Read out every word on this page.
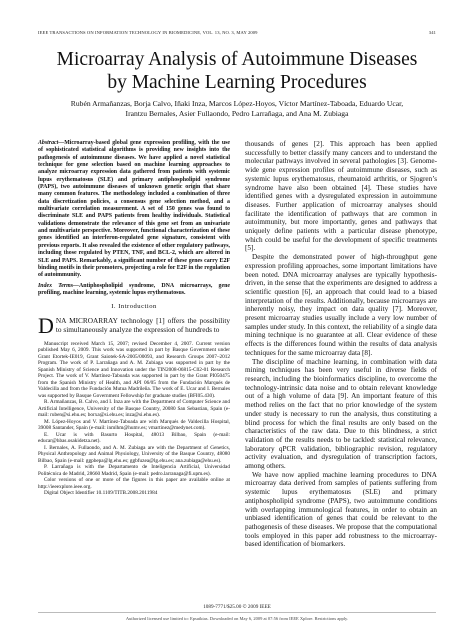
IEEE TRANSACTIONS ON INFORMATION TECHNOLOGY IN BIOMEDICINE, VOL. 13, NO. 3, MAY 2009	341
Microarray Analysis of Autoimmune Diseases
by Machine Learning Procedures
Rubén Armañanzas, Borja Calvo, Iñaki Inza, Marcos López-Hoyos, Víctor Martínez-Taboada, Eduardo Ucar,
Irantzu Bernales, Asier Fullaondo, Pedro Larrañaga, and Ana M. Zubiaga
Abstract—Microarray-based global gene expression profiling, with the use of sophisticated statistical algorithms is providing new insights into the pathogenesis of autoimmune diseases. We have applied a novel statistical technique for gene selection based on machine learning approaches to analyze microarray expression data gathered from patients with systemic lupus erythematosus (SLE) and primary antiphospholipid syndrome (PAPS), two autoimmune diseases of unknown genetic origin that share many common features. The methodology included a combination of three data discretization policies, a consensus gene selection method, and a multivariate correlation measurement. A set of 150 genes was found to discriminate SLE and PAPS patients from healthy individuals. Statistical validations demonstrate the relevance of this gene set from an univariate and multivariate perspective. Moreover, functional characterization of these genes identified an interferon-regulated gene signature, consistent with previous reports. It also revealed the existence of other regulatory pathways, including those regulated by PTEN, TNF, and BCL-2, which are altered in SLE and PAPS. Remarkably, a significant number of these genes carry E2F binding motifs in their promoters, projecting a role for E2F in the regulation of autoimmunity.
Index Terms—Antiphospholipid syndrome, DNA microarrays, gene profiling, machine learning, systemic lupus erythematosus.
I. Introduction
DNA MICROARRAY technology [1] offers the possibility to simultaneously analyze the expression of hundreds to

Manuscript received March 15, 2007; revised December 4, 2007. Current version published May 6, 2009. This work was supported in part by Basque Government under Grant Etortek-IE019, Grant Saiotek-SA-2005/00093, and Research Groups 2007–2012 Program. The work of P. Larrañaga and A. M. Zubiaga was supported in part by the Spanish Ministry of Science and Innovation under the TIN2008-06815-C02-01 Research Project. The work of V. Martínez-Taboada was supported in part by the Grant PI050475 from the Spanish Ministry of Health, and API 06/05 from the Fundación Marqués de Valdecilla and from the Fundación Mutua Madrileña. The work of E. Ucar and I. Bernales was supported by Basque Government Fellowship for graduate studies (BFI05.430).

R. Armañanzas, B. Calvo, and I. Inza are with the Department of Computer Science and Artificial Intelligence, University of the Basque Country, 20080 San Sebastian, Spain (e-mail: ruben@si.ehu.es; borxa@si.ehu.es; inza@si.ehu.es).

M. López-Hoyos and V. Martínez-Taboada are with Marqués de Valdecilla Hospital, 39008 Santander, Spain (e-mail: inmlhm@humv.es; vmartinez@medynet.com).

E. Ucar is with Basurto Hospital, 48013 Bilbao, Spain (e-mail: educar@hbas.osakidetza.net).

I. Bernales, A. Fullaondo, and A. M. Zubiaga are with the Department of Genetics, Physical Anthropology and Animal Physiology, University of the Basque Country, 48080 Bilbao, Spain (e-mail: ggpbepa@lg.ehu.es; ggbfuzea@lg.ehu.es; ana.zubiaga@ehu.es).

P. Larrañaga is with the Departamento de Inteligencia Artificial, Universidad Politécnica de Madrid, 28660 Madrid, Spain (e-mail: pedro.larranaga@fi.upm.es).

Color versions of one or more of the figures in this paper are available online at http://ieeexplore.ieee.org.

Digital Object Identifier 10.1109/TITB.2008.2011984

thousands of genes [2]. This approach has been applied successfully to better classify many cancers and to understand the molecular pathways involved in several pathologies [3]. Genome-wide gene expression profiles of autoimmune diseases, such as systemic lupus erythematosus, rheumatoid arthritis, or Sjogren’s syndrome have also been obtained [4]. These studies have identified genes with a dysregulated expression in autoimmune diseases. Further application of microarray analyses should facilitate the identification of pathways that are common in autoimmunity, but more importantly, genes and pathways that uniquely define patients with a particular disease phenotype, which could be useful for the development of specific treatments [5].

Despite the demonstrated power of high-throughput gene expression profiling approaches, some important limitations have been noted. DNA microarray analyses are typically hypothesis-driven, in the sense that the experiments are designed to address a scientific question [6], an approach that could lead to a biased interpretation of the results. Additionally, because microarrays are inherently noisy, they impact on data quality [7]. Moreover, present microarray studies usually include a very low number of samples under study. In this context, the reliability of a single data mining technique is no guarantee at all. Clear evidence of these effects is the differences found within the results of data analysis techniques for the same microarray data [8].

The discipline of machine learning, in combination with data mining techniques has been very useful in diverse fields of research, including the bioinformatics discipline, to overcome the technology-intrinsic data noise and to obtain relevant knowledge out of a high volume of data [9]. An important feature of this method relies on the fact that no prior knowledge of the system under study is necessary to run the analysis, thus constituting a blind process for which the final results are only based on the characteristics of the raw data. Due to this blindness, a strict validation of the results needs to be tackled: statistical relevance, laboratory qPCR validation, bibliographic revision, regulatory activity evaluation, and dysregulation of transcription factors, among others.

We have now applied machine learning procedures to DNA microarray data derived from samples of patients suffering from systemic lupus erythematosus (SLE) and primary antiphospholipid syndrome (PAPS), two autoimmune conditions with overlapping immunological features, in order to obtain an unbiased identification of genes that could be relevant to the pathogenesis of these diseases. We propose that the computational tools employed in this paper add robustness to the microarray-based identification of biomarkers.

1089-7771/$25.00 © 2009 IEEE
Authorized licensed use limited to: Epsuiktas. Downloaded on May 6, 2009 at 07:56 from IEEE Xplore. Restrictions apply.
